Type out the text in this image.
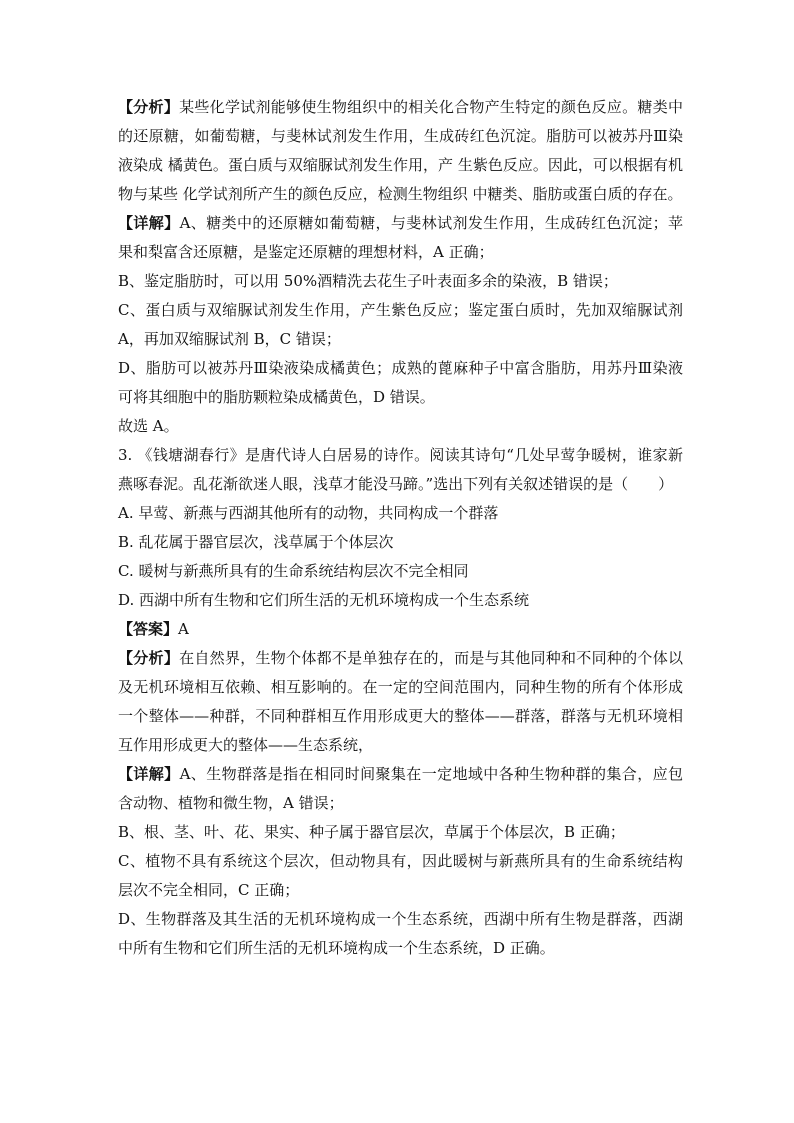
【分析】某些化学试剂能够使生物组织中的相关化合物产生特定的颜色反应。糖类中的还原糖，如葡萄糖，与斐林试剂发生作用，生成砖红色沉淀。脂肪可以被苏丹Ⅲ染液染成 橘黄色。蛋白质与双缩脲试剂发生作用，产 生紫色反应。因此，可以根据有机物与某些 化学试剂所产生的颜色反应，检测生物组织 中糖类、脂肪或蛋白质的存在。

【详解】A、糖类中的还原糖如葡萄糖，与斐林试剂发生作用，生成砖红色沉淀；苹果和梨富含还原糖，是鉴定还原糖的理想材料，A 正确；

B、鉴定脂肪时，可以用 50%酒精洗去花生子叶表面多余的染液，B 错误；

C、蛋白质与双缩脲试剂发生作用，产生紫色反应；鉴定蛋白质时，先加双缩脲试剂 A，再加双缩脲试剂 B，C 错误；

D、脂肪可以被苏丹Ⅲ染液染成橘黄色；成熟的蓖麻种子中富含脂肪，用苏丹Ⅲ染液可将其细胞中的脂肪颗粒染成橘黄色，D 错误。

故选 A。

3. 《钱塘湖春行》是唐代诗人白居易的诗作。阅读其诗句“几处早莺争暖树，谁家新燕啄春泥。乱花渐欲迷人眼，浅草才能没马蹄。”选出下列有关叙述错误的是（　　）

A. 早莺、新燕与西湖其他所有的动物，共同构成一个群落

B. 乱花属于器官层次，浅草属于个体层次

C. 暖树与新燕所具有的生命系统结构层次不完全相同

D. 西湖中所有生物和它们所生活的无机环境构成一个生态系统

【答案】A

【分析】在自然界，生物个体都不是单独存在的，而是与其他同种和不同种的个体以及无机环境相互依赖、相互影响的。在一定的空间范围内，同种生物的所有个体形成一个整体——种群，不同种群相互作用形成更大的整体——群落，群落与无机环境相互作用形成更大的整体——生态系统，

【详解】A、生物群落是指在相同时间聚集在一定地域中各种生物种群的集合，应包含动物、植物和微生物，A 错误；

B、根、茎、叶、花、果实、种子属于器官层次，草属于个体层次，B 正确；

C、植物不具有系统这个层次，但动物具有，因此暖树与新燕所具有的生命系统结构层次不完全相同，C 正确；

D、生物群落及其生活的无机环境构成一个生态系统，西湖中所有生物是群落，西湖中所有生物和它们所生活的无机环境构成一个生态系统，D 正确。
